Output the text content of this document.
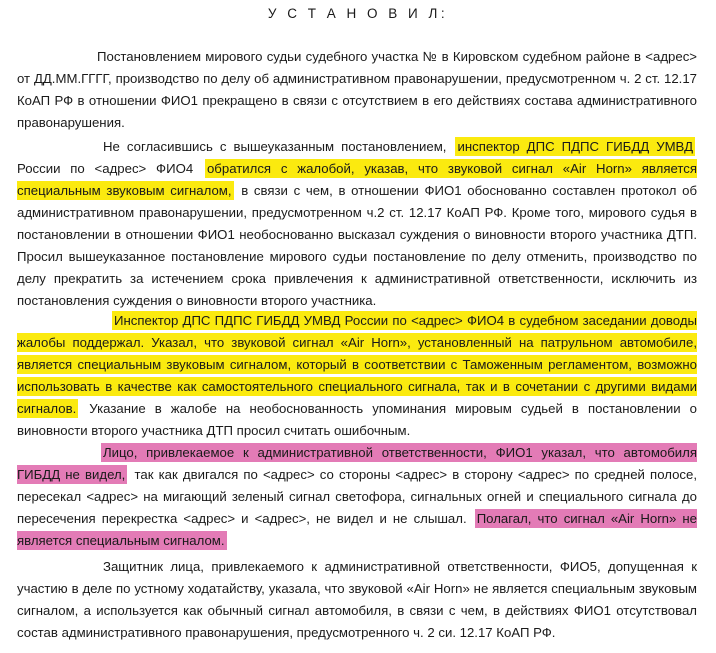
У С Т А Н О В И Л:

Постановлением мирового судьи судебного участка № в Кировском судебном районе в <адрес> от ДД.ММ.ГГГГ, производство по делу об административном правонарушении, предусмотренном ч. 2 ст. 12.17 КоАП РФ в отношении ФИО1 прекращено в связи с отсутствием в его действиях состава административного правонарушения.

Не согласившись с вышеуказанным постановлением, инспектор ДПС ПДПС ГИБДД УМВД России по <адрес> ФИО4 обратился с жалобой, указав, что звуковой сигнал «Air Horn» является специальным звуковым сигналом, в связи с чем, в отношении ФИО1 обоснованно составлен протокол об административном правонарушении, предусмотренном ч.2 ст. 12.17 КоАП РФ. Кроме того, мирового судья в постановлении в отношении ФИО1 необоснованно высказал суждения о виновности второго участника ДТП. Просил вышеуказанное постановление мирового судьи постановление по делу отменить, производство по делу прекратить за истечением срока привлечения к административной ответственности, исключить из постановления суждения о виновности второго участника.

Инспектор ДПС ПДПС ГИБДД УМВД России по <адрес> ФИО4 в судебном заседании доводы жалобы поддержал. Указал, что звуковой сигнал «Air Horn», установленный на патрульном автомобиле, является специальным звуковым сигналом, который в соответствии с Таможенным регламентом, возможно использовать в качестве как самостоятельного специального сигнала, так и в сочетании с другими видами сигналов. Указание в жалобе на необоснованность упоминания мировым судьей в постановлении о виновности второго участника ДТП просил считать ошибочным.

Лицо, привлекаемое к административной ответственности, ФИО1 указал, что автомобиля ГИБДД не видел, так как двигался по <адрес> со стороны <адрес> в сторону <адрес> по средней полосе, пересекал <адрес> на мигающий зеленый сигнал светофора, сигнальных огней и специального сигнала до пересечения перекрестка <адрес> и <адрес>, не видел и не слышал. Полагал, что сигнал «Air Horn» не является специальным сигналом.

Защитник лица, привлекаемого к административной ответственности, ФИО5, допущенная к участию в деле по устному ходатайству, указала, что звуковой «Air Horn» не является специальным звуковым сигналом, а используется как обычный сигнал автомобиля, в связи с чем, в действиях ФИО1 отсутствовал состав административного правонарушения, предусмотренного ч. 2 си. 12.17 КоАП РФ.
